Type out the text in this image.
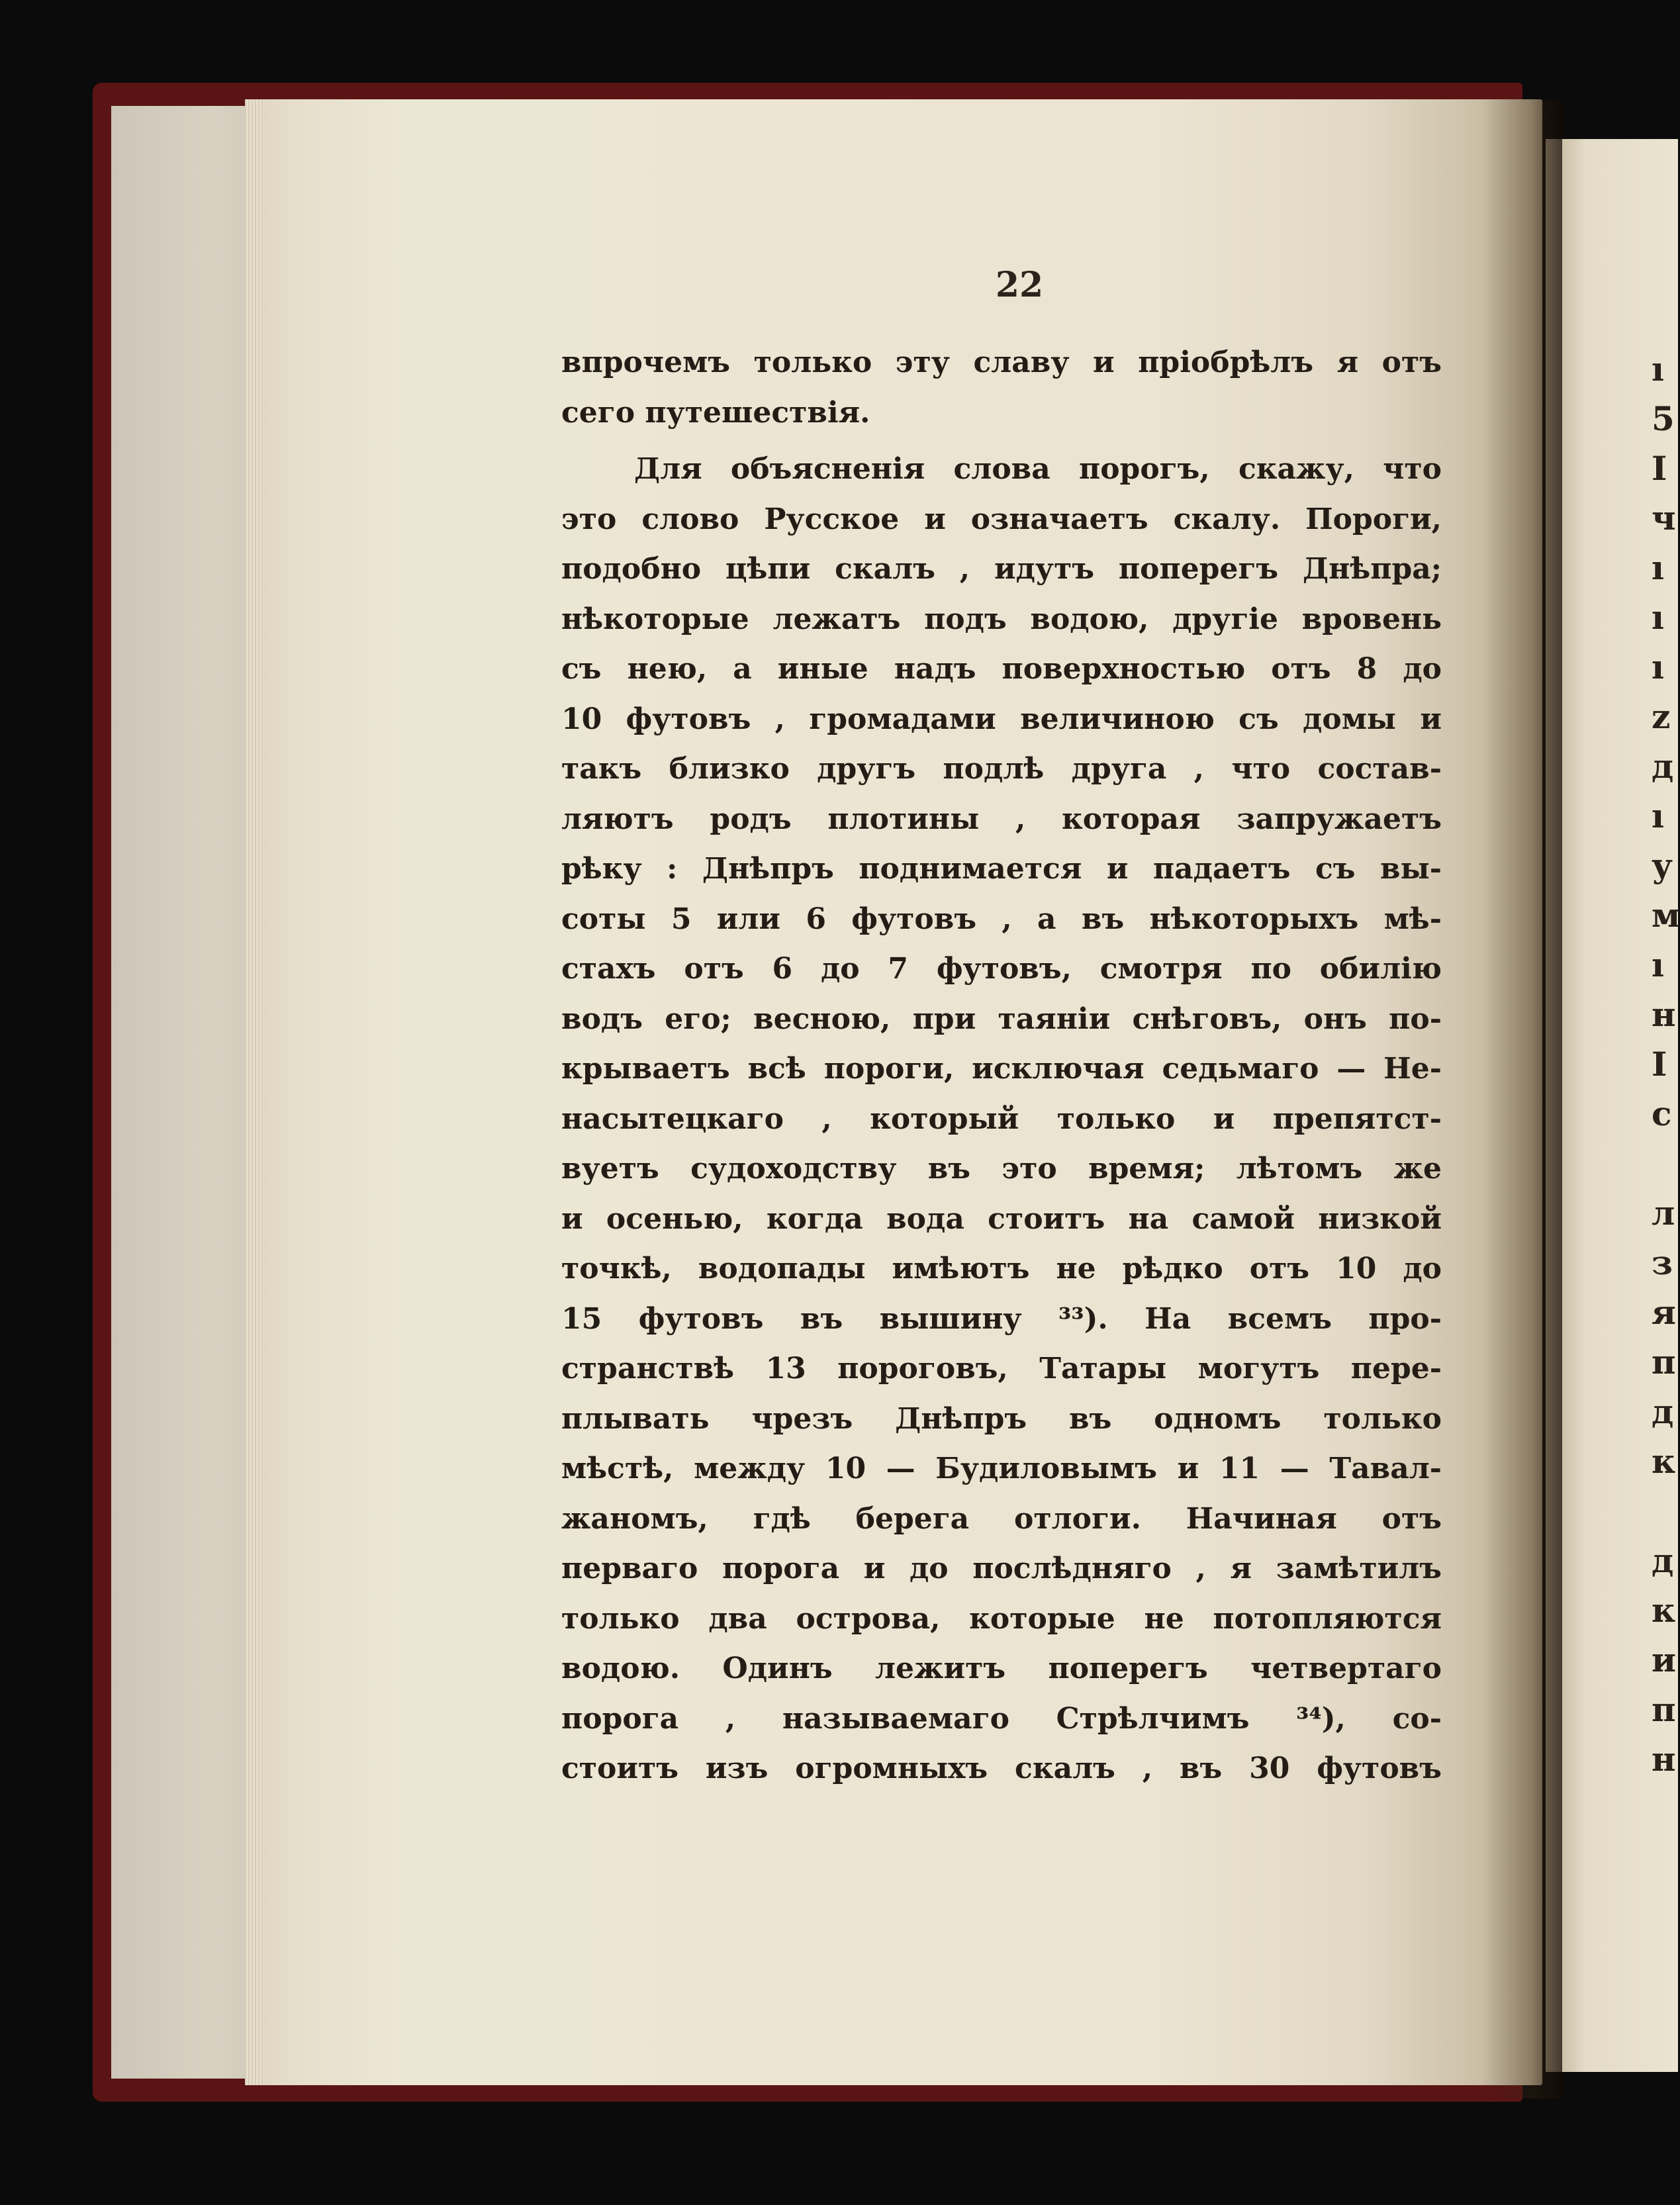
ı
5
I
ч
ı
ı
ı
z
д
ı
у
м
ı
н
Ι
с
л
з
я
п
д
к
д
к
и
п
н
22
впрочемъ только эту славу и пріобрѣлъ я отъ
сего путешествія.
Для объясненія слова порогъ, скажу, что
это слово Русское и означаетъ скалу. Пороги,
подобно цѣпи скалъ , идутъ поперегъ Днѣпра;
нѣкоторые лежатъ подъ водою, другіе вровень
съ нею, а иные надъ поверхностью отъ 8 до
10 футовъ , громадами величиною съ домы и
такъ близко другъ подлѣ друга , что состав-
ляютъ родъ плотины , которая запружаетъ
рѣку : Днѣпръ поднимается и падаетъ съ вы-
соты 5 или 6 футовъ , а въ нѣкоторыхъ мѣ-
стахъ отъ 6 до 7 футовъ, смотря по обилію
водъ его; весною, при таяніи снѣговъ, онъ по-
крываетъ всѣ пороги, исключая седьмаго — Не-
насытецкаго , который только и препятст-
вуетъ судоходству въ это время; лѣтомъ же
и осенью, когда вода стоитъ на самой низкой
точкѣ, водопады имѣютъ не рѣдко отъ 10 до
15 футовъ въ вышину ³³). На всемъ про-
странствѣ 13 пороговъ, Татары могутъ пере-
плывать чрезъ Днѣпръ въ одномъ только
мѣстѣ, между 10 — Будиловымъ и 11 — Тавал-
жаномъ, гдѣ берега отлоги. Начиная отъ
перваго порога и до послѣдняго , я замѣтилъ
только два острова, которые не потопляются
водою. Одинъ лежитъ поперегъ четвертаго
порога , называемаго Стрѣлчимъ ³⁴), со-
стоитъ изъ огромныхъ скалъ , въ 30 футовъ
